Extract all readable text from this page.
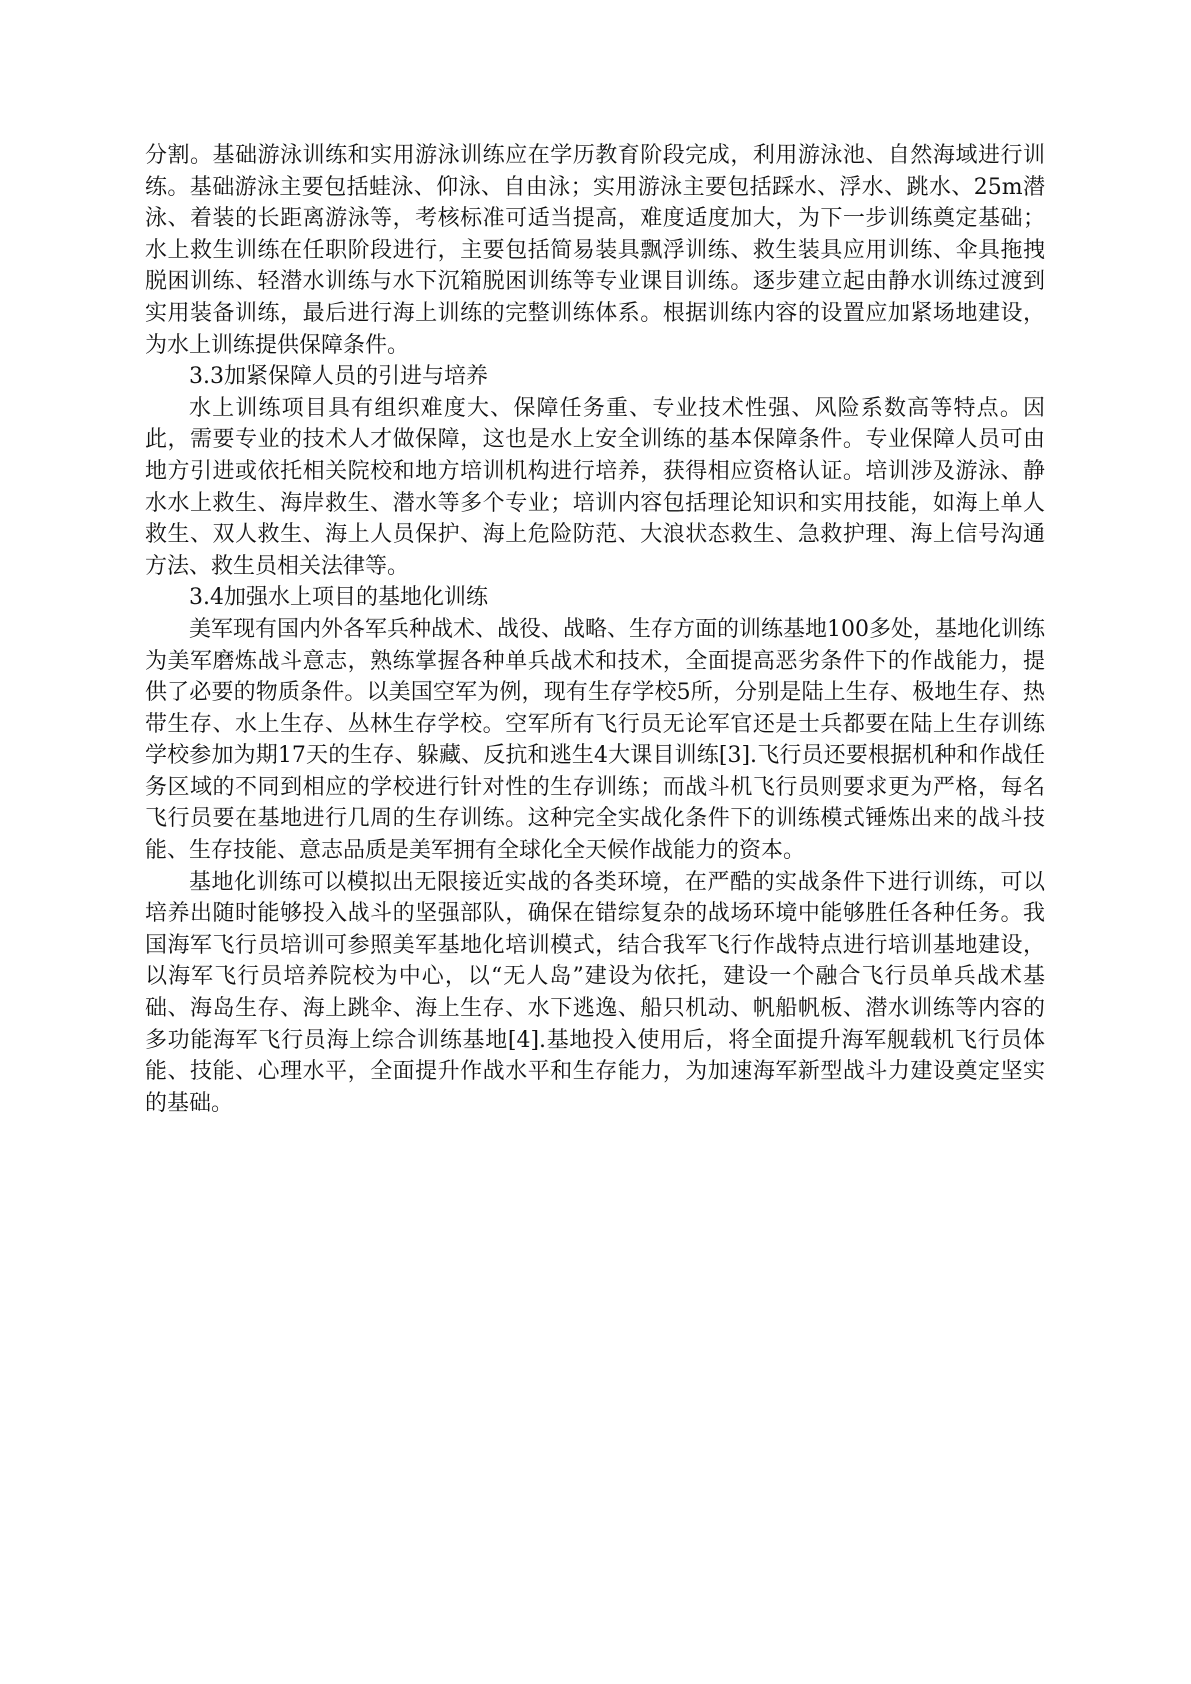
分割。基础游泳训练和实用游泳训练应在学历教育阶段完成，利用游泳池、自然海域进行训练。基础游泳主要包括蛙泳、仰泳、自由泳；实用游泳主要包括踩水、浮水、跳水、25m潜泳、着装的长距离游泳等，考核标准可适当提高，难度适度加大，为下一步训练奠定基础；水上救生训练在任职阶段进行，主要包括简易装具飘浮训练、救生装具应用训练、伞具拖拽脱困训练、轻潜水训练与水下沉箱脱困训练等专业课目训练。逐步建立起由静水训练过渡到实用装备训练，最后进行海上训练的完整训练体系。根据训练内容的设置应加紧场地建设，为水上训练提供保障条件。

3.3加紧保障人员的引进与培养

水上训练项目具有组织难度大、保障任务重、专业技术性强、风险系数高等特点。因此，需要专业的技术人才做保障，这也是水上安全训练的基本保障条件。专业保障人员可由地方引进或依托相关院校和地方培训机构进行培养，获得相应资格认证。培训涉及游泳、静水水上救生、海岸救生、潜水等多个专业；培训内容包括理论知识和实用技能，如海上单人救生、双人救生、海上人员保护、海上危险防范、大浪状态救生、急救护理、海上信号沟通方法、救生员相关法律等。

3.4加强水上项目的基地化训练

美军现有国内外各军兵种战术、战役、战略、生存方面的训练基地100多处，基地化训练为美军磨炼战斗意志，熟练掌握各种单兵战术和技术，全面提高恶劣条件下的作战能力，提供了必要的物质条件。以美国空军为例，现有生存学校5所，分别是陆上生存、极地生存、热带生存、水上生存、丛林生存学校。空军所有飞行员无论军官还是士兵都要在陆上生存训练学校参加为期17天的生存、躲藏、反抗和逃生4大课目训练[3].飞行员还要根据机种和作战任务区域的不同到相应的学校进行针对性的生存训练；而战斗机飞行员则要求更为严格，每名飞行员要在基地进行几周的生存训练。这种完全实战化条件下的训练模式锤炼出来的战斗技能、生存技能、意志品质是美军拥有全球化全天候作战能力的资本。

基地化训练可以模拟出无限接近实战的各类环境，在严酷的实战条件下进行训练，可以培养出随时能够投入战斗的坚强部队，确保在错综复杂的战场环境中能够胜任各种任务。我国海军飞行员培训可参照美军基地化培训模式，结合我军飞行作战特点进行培训基地建设，以海军飞行员培养院校为中心，以“无人岛”建设为依托，建设一个融合飞行员单兵战术基础、海岛生存、海上跳伞、海上生存、水下逃逸、船只机动、帆船帆板、潜水训练等内容的多功能海军飞行员海上综合训练基地[4].基地投入使用后，将全面提升海军舰载机飞行员体能、技能、心理水平，全面提升作战水平和生存能力，为加速海军新型战斗力建设奠定坚实的基础。
